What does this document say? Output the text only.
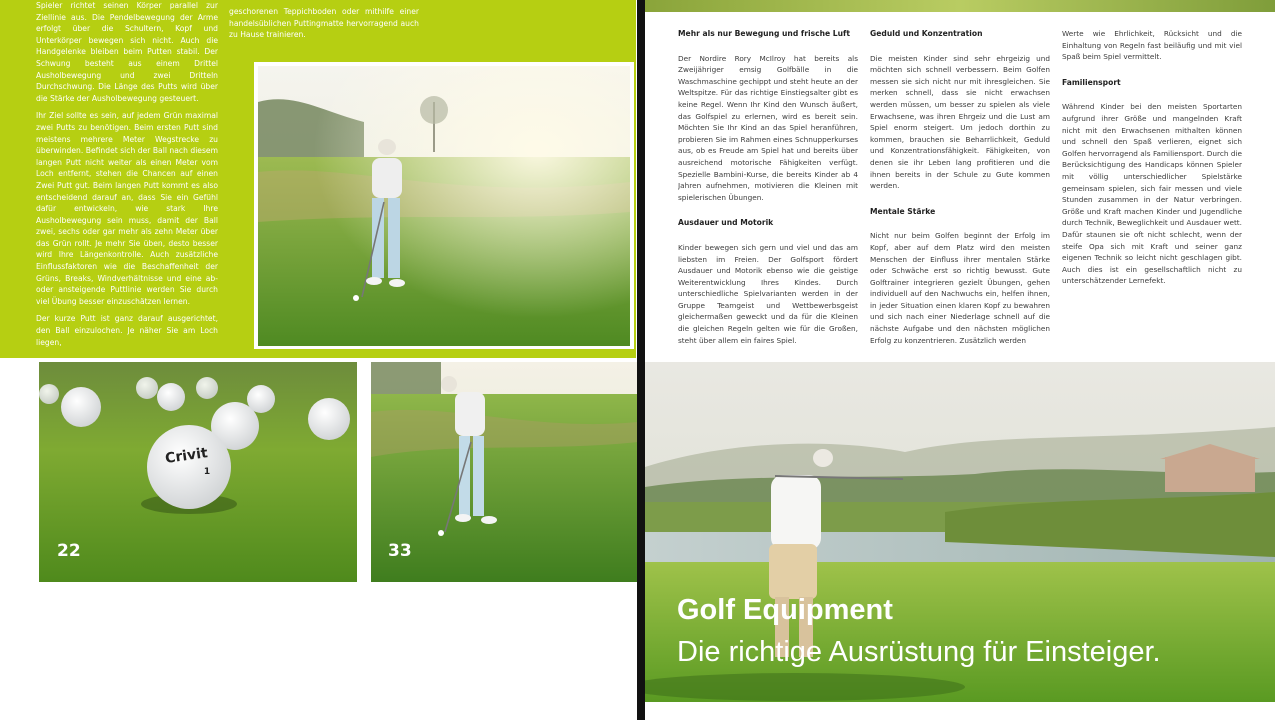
Spieler richtet seinen Körper parallel zur Ziellinie aus. Die Pendelbewegung der Arme erfolgt über die Schultern, Kopf und Unterkörper bewegen sich nicht. Auch die Handgelenke bleiben beim Putten stabil. Der Schwung besteht aus einem Drittel Ausholbewegung und zwei Dritteln Durchschwung. Die Länge des Putts wird über die Stärke der Ausholbewegung gesteuert.

Ihr Ziel sollte es sein, auf jedem Grün maximal zwei Putts zu benötigen. Beim ersten Putt sind meistens mehrere Meter Wegstrecke zu überwinden. Befindet sich der Ball nach diesem langen Putt nicht weiter als einen Meter vom Loch entfernt, stehen die Chancen auf einen Zwei Putt gut. Beim langen Putt kommt es also entscheidend darauf an, dass Sie ein Gefühl dafür entwickeln, wie stark Ihre Ausholbewegung sein muss, damit der Ball zwei, sechs oder gar mehr als zehn Meter über das Grün rollt. Je mehr Sie üben, desto besser wird Ihre Längenkontrolle. Auch zusätzliche Einflussfaktoren wie die Beschaffenheit der Grüns, Breaks, Windverhältnisse und eine ab- oder ansteigende Puttlinie werden Sie durch viel Übung besser einzuschätzen lernen.

Der kurze Putt ist ganz darauf ausgerichtet, den Ball einzulochen. Je näher Sie am Loch liegen,

geschorenen Teppichboden oder mithilfe einer handelsüblichen Puttingmatte hervorragend auch zu Hause trainieren.	Mehr als nur Bewegung und frische Luft

Der Nordire Rory McIlroy hat bereits als Zweijähriger emsig Golfbälle in die Waschmaschine gechippt und steht heute an der Weltspitze. Für das richtige Einstiegsalter gibt es keine Regel. Wenn Ihr Kind den Wunsch äußert, das Golfspiel zu erlernen, wird es bereit sein. Möchten Sie Ihr Kind an das Spiel heranführen, probieren Sie im Rahmen eines Schnupperkurses aus, ob es Freude am Spiel hat und bereits über ausreichend motorische Fähigkeiten verfügt. Spezielle Bambini-Kurse, die bereits Kinder ab 4 Jahren aufnehmen, motivieren die Kleinen mit spielerischen Übungen.

Ausdauer und Motorik

Kinder bewegen sich gern und viel und das am liebsten im Freien. Der Golfsport fördert Ausdauer und Motorik ebenso wie die geistige Weiterentwicklung Ihres Kindes. Durch unterschiedliche Spielvarianten werden in der Gruppe Teamgeist und Wettbewerbsgeist gleichermaßen geweckt und da für die Kleinen die gleichen Regeln gelten wie für die Großen, steht über allem ein faires Spiel.

Geduld und Konzentration

Die meisten Kinder sind sehr ehrgeizig und möchten sich schnell verbessern. Beim Golfen messen sie sich nicht nur mit ihresgleichen. Sie merken schnell, dass sie nicht erwachsen werden müssen, um besser zu spielen als viele Erwachsene, was ihren Ehrgeiz und die Lust am Spiel enorm steigert. Um jedoch dorthin zu kommen, brauchen sie Beharrlichkeit, Geduld und Konzentrationsfähigkeit. Fähigkeiten, von denen sie ihr Leben lang profitieren und die ihnen bereits in der Schule zu Gute kommen werden.

Mentale Stärke

Nicht nur beim Golfen beginnt der Erfolg im Kopf, aber auf dem Platz wird den meisten Menschen der Einfluss ihrer mentalen Stärke oder Schwäche erst so richtig bewusst. Gute Golftrainer integrieren gezielt Übungen, gehen individuell auf den Nachwuchs ein, helfen ihnen, in jeder Situation einen klaren Kopf zu bewahren und sich nach einer Niederlage schnell auf die nächste Aufgabe und den nächsten möglichen Erfolg zu konzentrieren. Zusätzlich werden

Werte wie Ehrlichkeit, Rücksicht und die Einhaltung von Regeln fast beiläufig und mit viel Spaß beim Spiel vermittelt.

Familiensport

Während Kinder bei den meisten Sportarten aufgrund ihrer Größe und mangelnden Kraft nicht mit den Erwachsenen mithalten können und schnell den Spaß verlieren, eignet sich Golfen hervorragend als Familiensport. Durch die Berücksichtigung des Handicaps können Spieler mit völlig unterschiedlicher Spielstärke gemeinsam spielen, sich fair messen und viele Stunden zusammen in der Natur verbringen. Größe und Kraft machen Kinder und Jugendliche durch Technik, Beweglichkeit und Ausdauer wett. Dafür staunen sie oft nicht schlecht, wenn der steife Opa sich mit Kraft und seiner ganz eigenen Technik so leicht nicht geschlagen gibt. Auch dies ist ein gesellschaftlich nicht zu unterschätzender Lernefekt.

Crivit
1
22	33
Golf Equipment
Die richtige Ausrüstung für Einsteiger.
